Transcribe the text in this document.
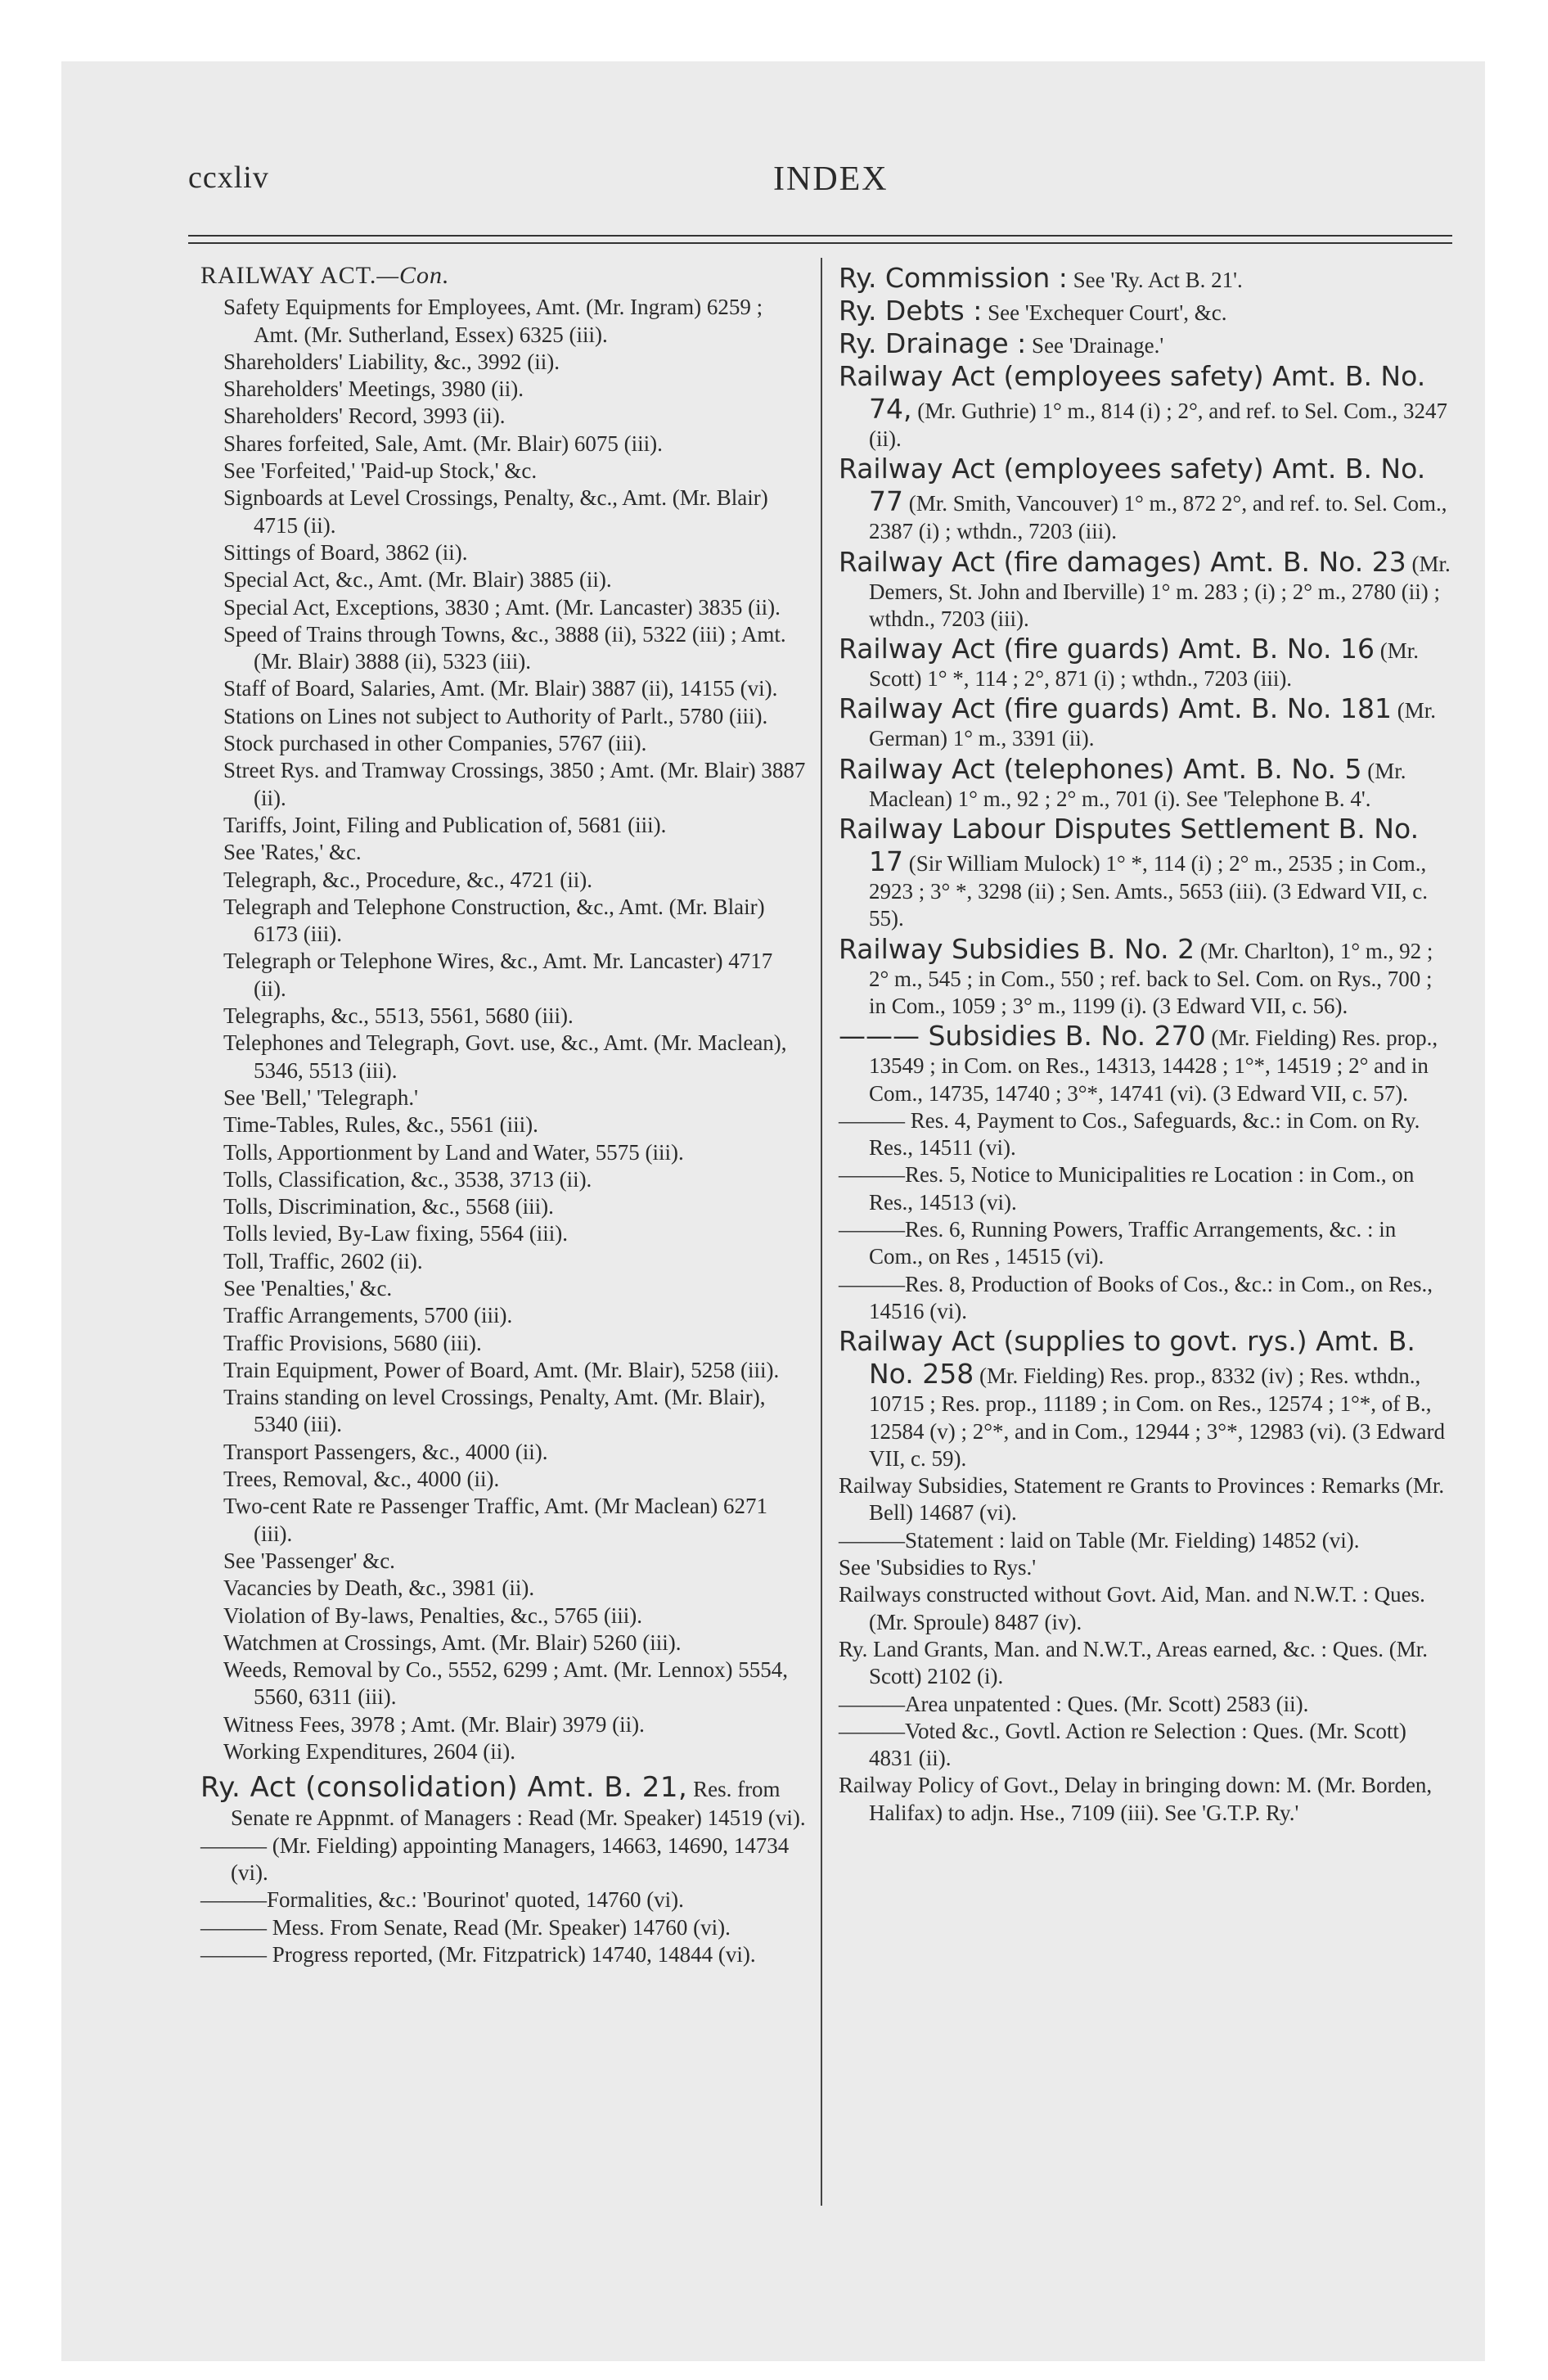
ccxliv	INDEX

RAILWAY ACT.—Con.

Safety Equipments for Employees, Amt. (Mr. Ingram) 6259 ; Amt. (Mr. Sutherland, Essex) 6325 (iii).

Shareholders' Liability, &c., 3992 (ii).

Shareholders' Meetings, 3980 (ii).

Shareholders' Record, 3993 (ii).

Shares forfeited, Sale, Amt. (Mr. Blair) 6075 (iii).

See 'Forfeited,' 'Paid-up Stock,' &c.

Signboards at Level Crossings, Penalty, &c., Amt. (Mr. Blair) 4715 (ii).

Sittings of Board, 3862 (ii).

Special Act, &c., Amt. (Mr. Blair) 3885 (ii).

Special Act, Exceptions, 3830 ; Amt. (Mr. Lancaster) 3835 (ii).

Speed of Trains through Towns, &c., 3888 (ii), 5322 (iii) ; Amt. (Mr. Blair) 3888 (ii), 5323 (iii).

Staff of Board, Salaries, Amt. (Mr. Blair) 3887 (ii), 14155 (vi).

Stations on Lines not subject to Authority of Parlt., 5780 (iii).

Stock purchased in other Companies, 5767 (iii).

Street Rys. and Tramway Crossings, 3850 ; Amt. (Mr. Blair) 3887 (ii).

Tariffs, Joint, Filing and Publication of, 5681 (iii).

See 'Rates,' &c.

Telegraph, &c., Procedure, &c., 4721 (ii).

Telegraph and Telephone Construction, &c., Amt. (Mr. Blair) 6173 (iii).

Telegraph or Telephone Wires, &c., Amt. Mr. Lancaster) 4717 (ii).

Telegraphs, &c., 5513, 5561, 5680 (iii).

Telephones and Telegraph, Govt. use, &c., Amt. (Mr. Maclean), 5346, 5513 (iii).

See 'Bell,' 'Telegraph.'

Time-Tables, Rules, &c., 5561 (iii).

Tolls, Apportionment by Land and Water, 5575 (iii).

Tolls, Classification, &c., 3538, 3713 (ii).

Tolls, Discrimination, &c., 5568 (iii).

Tolls levied, By-Law fixing, 5564 (iii).

Toll, Traffic, 2602 (ii).

See 'Penalties,' &c.

Traffic Arrangements, 5700 (iii).

Traffic Provisions, 5680 (iii).

Train Equipment, Power of Board, Amt. (Mr. Blair), 5258 (iii).

Trains standing on level Crossings, Penalty, Amt. (Mr. Blair), 5340 (iii).

Transport Passengers, &c., 4000 (ii).

Trees, Removal, &c., 4000 (ii).

Two-cent Rate re Passenger Traffic, Amt. (Mr Maclean) 6271 (iii).

See 'Passenger' &c.

Vacancies by Death, &c., 3981 (ii).

Violation of By-laws, Penalties, &c., 5765 (iii).

Watchmen at Crossings, Amt. (Mr. Blair) 5260 (iii).

Weeds, Removal by Co., 5552, 6299 ; Amt. (Mr. Lennox) 5554, 5560, 6311 (iii).

Witness Fees, 3978 ; Amt. (Mr. Blair) 3979 (ii).

Working Expenditures, 2604 (ii).

Ry. Act (consolidation) Amt. B. 21, Res. from Senate re Appnmt. of Managers : Read (Mr. Speaker) 14519 (vi).

——— (Mr. Fielding) appointing Managers, 14663, 14690, 14734 (vi).

———Formalities, &c.: 'Bourinot' quoted, 14760 (vi).

——— Mess. From Senate, Read (Mr. Speaker) 14760 (vi).

——— Progress reported, (Mr. Fitzpatrick) 14740, 14844 (vi).

Ry. Commission : See 'Ry. Act B. 21'.

Ry. Debts : See 'Exchequer Court', &c.

Ry. Drainage : See 'Drainage.'

Railway Act (employees safety) Amt. B. No. 74, (Mr. Guthrie) 1° m., 814 (i) ; 2°, and ref. to Sel. Com., 3247 (ii).

Railway Act (employees safety) Amt. B. No. 77 (Mr. Smith, Vancouver) 1° m., 872 2°, and ref. to. Sel. Com., 2387 (i) ; wthdn., 7203 (iii).

Railway Act (fire damages) Amt. B. No. 23 (Mr. Demers, St. John and Iberville) 1° m. 283 ; (i) ; 2° m., 2780 (ii) ; wthdn., 7203 (iii).

Railway Act (fire guards) Amt. B. No. 16 (Mr. Scott) 1° *, 114 ; 2°, 871 (i) ; wthdn., 7203 (iii).

Railway Act (fire guards) Amt. B. No. 181 (Mr. German) 1° m., 3391 (ii).

Railway Act (telephones) Amt. B. No. 5 (Mr. Maclean) 1° m., 92 ; 2° m., 701 (i). See 'Telephone B. 4'.

Railway Labour Disputes Settlement B. No. 17 (Sir William Mulock) 1° *, 114 (i) ; 2° m., 2535 ; in Com., 2923 ; 3° *, 3298 (ii) ; Sen. Amts., 5653 (iii). (3 Edward VII, c. 55).

Railway Subsidies B. No. 2 (Mr. Charlton), 1° m., 92 ; 2° m., 545 ; in Com., 550 ; ref. back to Sel. Com. on Rys., 700 ; in Com., 1059 ; 3° m., 1199 (i). (3 Edward VII, c. 56).

——— Subsidies B. No. 270 (Mr. Fielding) Res. prop., 13549 ; in Com. on Res., 14313, 14428 ; 1°*, 14519 ; 2° and in Com., 14735, 14740 ; 3°*, 14741 (vi). (3 Edward VII, c. 57).

——— Res. 4, Payment to Cos., Safeguards, &c.: in Com. on Ry. Res., 14511 (vi).

———Res. 5, Notice to Municipalities re Location : in Com., on Res., 14513 (vi).

———Res. 6, Running Powers, Traffic Arrangements, &c. : in Com., on Res , 14515 (vi).

———Res. 8, Production of Books of Cos., &c.: in Com., on Res., 14516 (vi).

Railway Act (supplies to govt. rys.) Amt. B. No. 258 (Mr. Fielding) Res. prop., 8332 (iv) ; Res. wthdn., 10715 ; Res. prop., 11189 ; in Com. on Res., 12574 ; 1°*, of B., 12584 (v) ; 2°*, and in Com., 12944 ; 3°*, 12983 (vi). (3 Edward VII, c. 59).

Railway Subsidies, Statement re Grants to Provinces : Remarks (Mr. Bell) 14687 (vi).

———Statement : laid on Table (Mr. Fielding) 14852 (vi).

See 'Subsidies to Rys.'

Railways constructed without Govt. Aid, Man. and N.W.T. : Ques. (Mr. Sproule) 8487 (iv).

Ry. Land Grants, Man. and N.W.T., Areas earned, &c. : Ques. (Mr. Scott) 2102 (i).

———Area unpatented : Ques. (Mr. Scott) 2583 (ii).

———Voted &c., Govtl. Action re Selection : Ques. (Mr. Scott) 4831 (ii).

Railway Policy of Govt., Delay in bringing down: M. (Mr. Borden, Halifax) to adjn. Hse., 7109 (iii). See 'G.T.P. Ry.'
